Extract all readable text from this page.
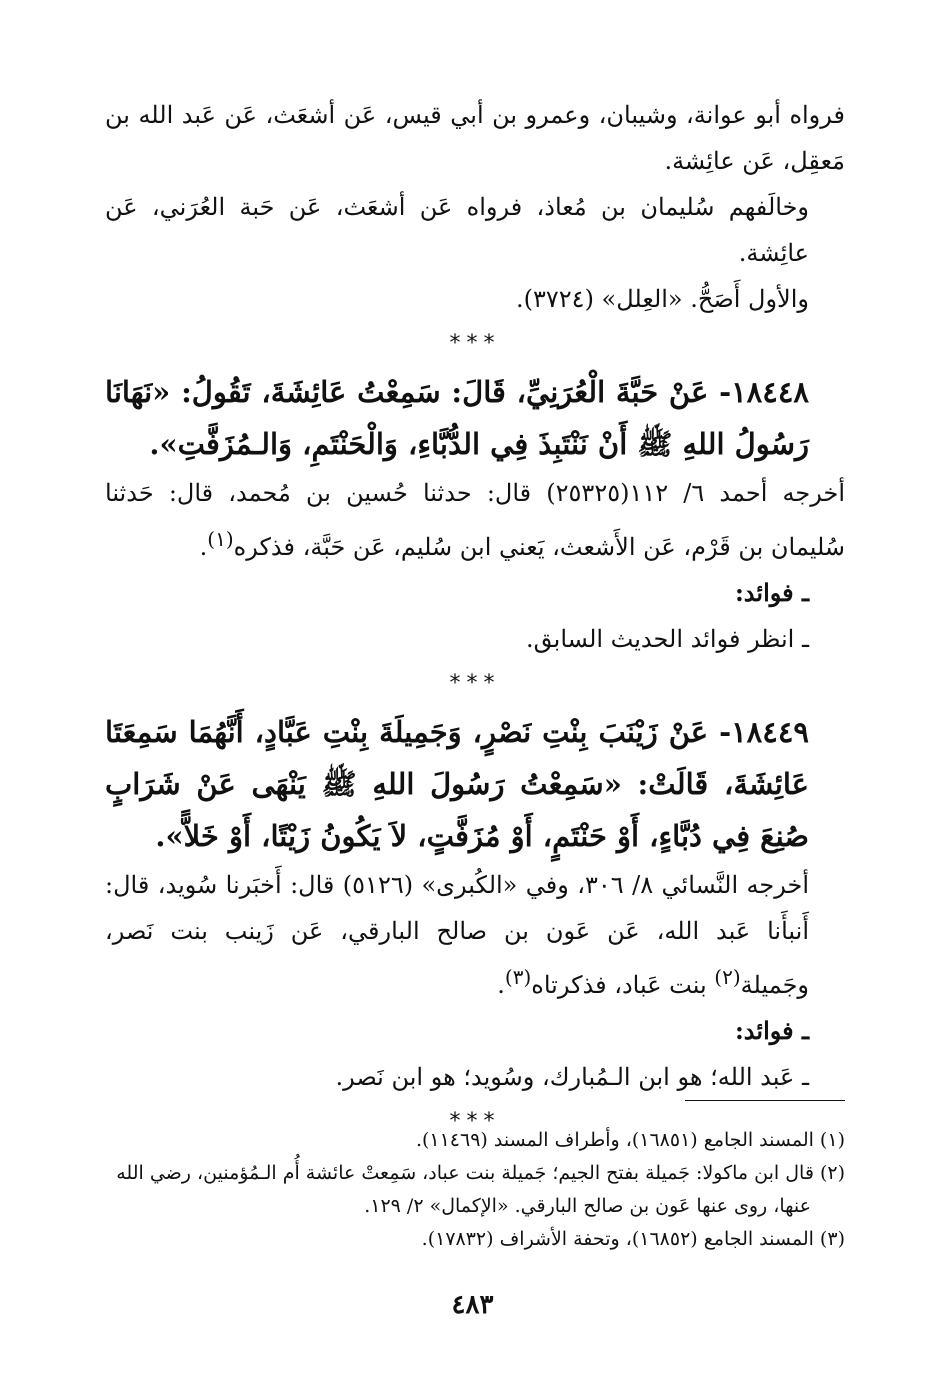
فرواه أبو عوانة، وشيبان، وعمرو بن أبي قيس، عَن أشعَث، عَن عَبد الله بن مَعقِل، عَن عائِشة.

وخالَفهم سُليمان بن مُعاذ، فرواه عَن أشعَث، عَن حَبة العُرَني، عَن عائِشة.

والأول أَصَحُّ. «العِلل» (٣٧٢٤).

***

١٨٤٤٨- عَنْ حَبَّةَ الْعُرَنِيِّ، قَالَ: سَمِعْتُ عَائِشَةَ، تَقُولُ: «نَهَانَا رَسُولُ اللهِ ﷺ أَنْ نَنْتَبِذَ فِي الدُّبَّاءِ، وَالْحَنْتَمِ، وَالـمُزَفَّتِ».

أخرجه أحمد ٦/ ١١٢(٢٥٣٢٥) قال: حدثنا حُسين بن مُحمد، قال: حَدثنا سُليمان بن قَرْم، عَن الأَشعث، يَعني ابن سُليم، عَن حَبَّة، فذكره$^{(١)}$.

ـ فوائد:

ـ انظر فوائد الحديث السابق.

***

١٨٤٤٩- عَنْ زَيْنَبَ بِنْتِ نَصْرٍ، وَجَمِيلَةَ بِنْتِ عَبَّادٍ، أَنَّهُمَا سَمِعَتَا عَائِشَةَ، قَالَتْ: «سَمِعْتُ رَسُولَ اللهِ ﷺ يَنْهَى عَنْ شَرَابٍ صُنِعَ فِي دُبَّاءٍ، أَوْ حَنْتَمٍ، أَوْ مُزَفَّتٍ، لاَ يَكُونُ زَيْتًا، أَوْ خَلاًّ».

أخرجه النَّسائي ٨/ ٣٠٦، وفي «الكُبرى» (٥١٢٦) قال: أَخبَرنا سُويد، قال: أَنبأَنا عَبد الله، عَن عَون بن صالح البارقي، عَن زَينب بنت نَصر، وجَميلة$^{(٢)}$ بنت عَباد، فذكرتاه$^{(٣)}$.

ـ فوائد:

ـ عَبد الله؛ هو ابن الـمُبارك، وسُويد؛ هو ابن نَصر.

***

(١) المسند الجامع (١٦٨٥١)، وأطراف المسند (١١٤٦٩).

(٢) قال ابن ماكولا: جَميلة بفتح الجيم؛ جَميلة بنت عباد، سَمِعتْ عائشة أُم الـمُؤمنين، رضي الله

عنها، روى عنها عَون بن صالح البارقي. «الإكمال» ٢/ ١٢٩.

(٣) المسند الجامع (١٦٨٥٢)، وتحفة الأشراف (١٧٨٣٢).

٤٨٣
